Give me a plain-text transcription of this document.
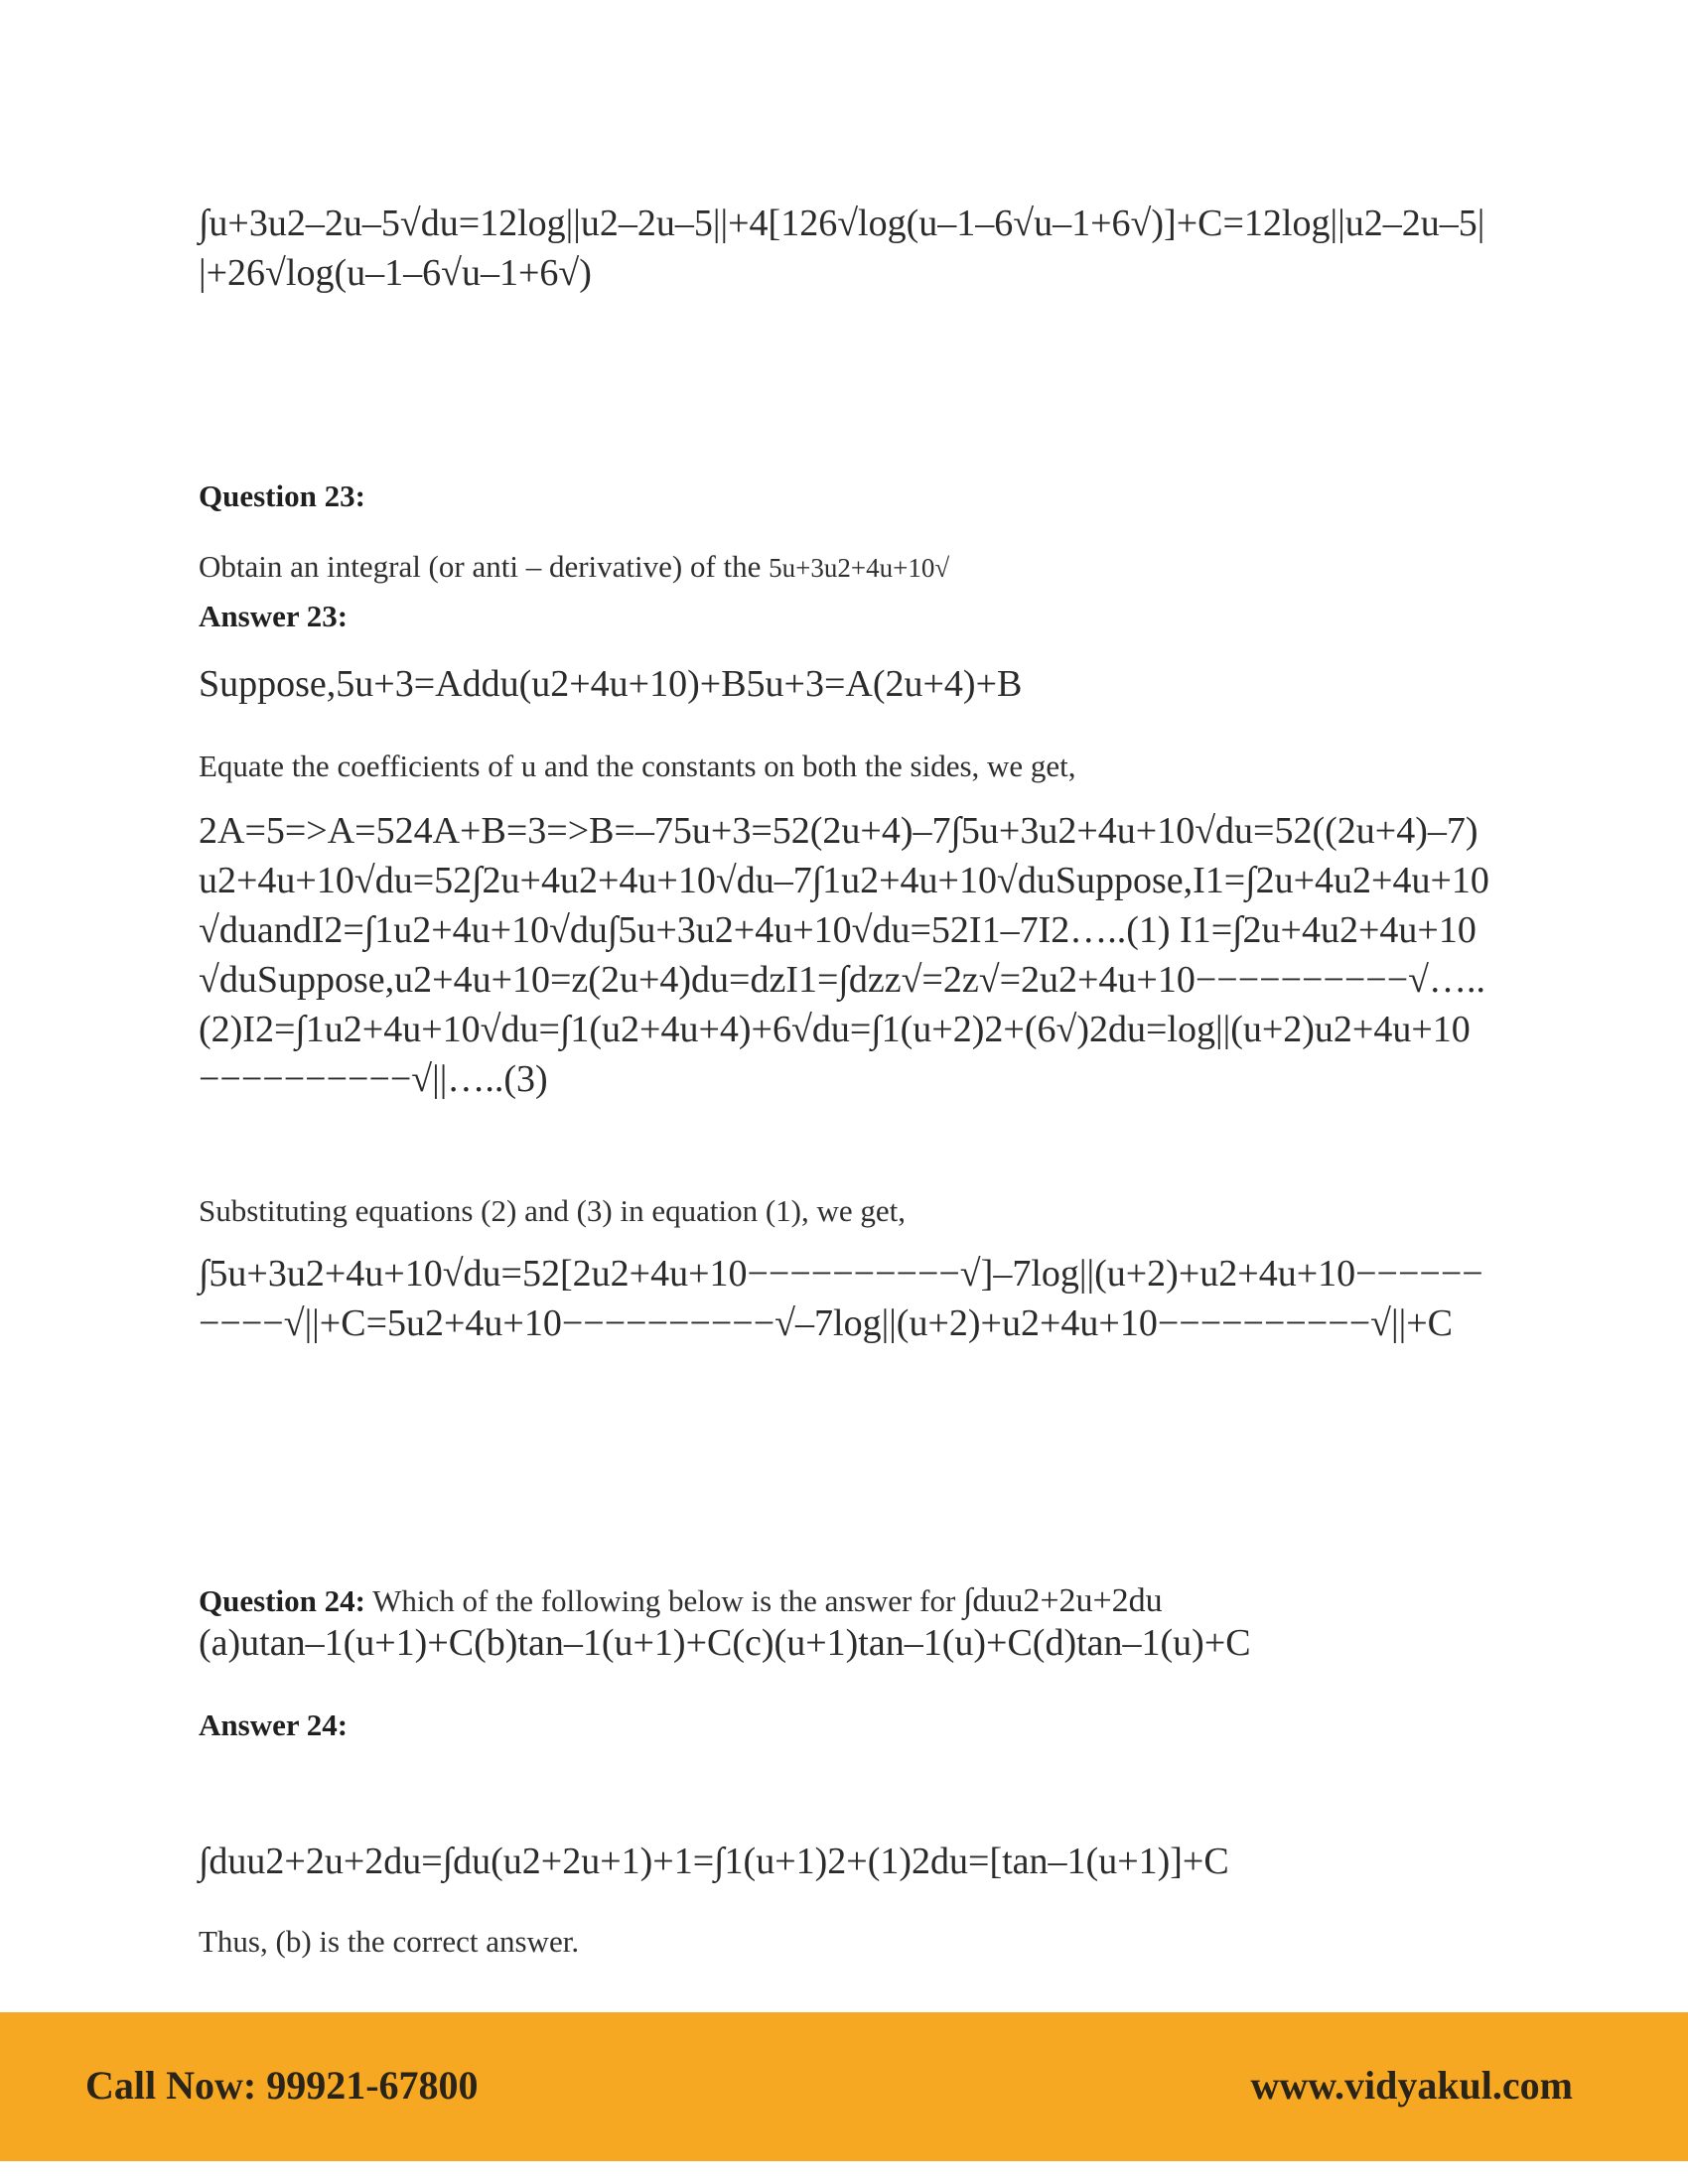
∫u+3u2–2u–5√du=12log||u2–2u–5||+4[126√log(u–1–6√u–1+6√)]+C=12log||u2–2u–5||+26√log(u–1–6√u–1+6√)
Question 23:
Obtain an integral (or anti – derivative) of the 5u+3u2+4u+10√
Answer 23:
Suppose,5u+3=Addu(u2+4u+10)+B5u+3=A(2u+4)+B
Equate the coefficients of u and the constants on both the sides, we get,
2A=5=>A=524A+B=3=>B=–75u+3=52(2u+4)–7∫5u+3u2+4u+10√du=52((2u+4)–7)u2+4u+10√du=52∫2u+4u2+4u+10√du–7∫1u2+4u+10√duSuppose,I1=∫2u+4u2+4u+10√duandI2=∫1u2+4u+10√du∫5u+3u2+4u+10√du=52I1–7I2…..(1) I1=∫2u+4u2+4u+10√duSuppose,u2+4u+10=z(2u+4)du=dzI1=∫dzz√=2z√=2u2+4u+10−−−−−−−−−−√…..(2)I2=∫1u2+4u+10√du=∫1(u2+4u+4)+6√du=∫1(u+2)2+(6√)2du=log||(u+2)u2+4u+10−−−−−−−−−−√||…..(3)
Substituting equations (2) and (3) in equation (1), we get,
∫5u+3u2+4u+10√du=52[2u2+4u+10−−−−−−−−−−√]–7log||(u+2)+u2+4u+10−−−−−−−−−−√||+C=5u2+4u+10−−−−−−−−−−√–7log||(u+2)+u2+4u+10−−−−−−−−−−√||+C
Question 24: Which of the following below is the answer for ∫duu2+2u+2du
(a)utan–1(u+1)+C(b)tan–1(u+1)+C(c)(u+1)tan–1(u)+C(d)tan–1(u)+C
Answer 24:
∫duu2+2u+2du=∫du(u2+2u+1)+1=∫1(u+1)2+(1)2du=[tan–1(u+1)]+C
Thus, (b) is the correct answer.
Call Now: 99921-67800	www.vidyakul.com
